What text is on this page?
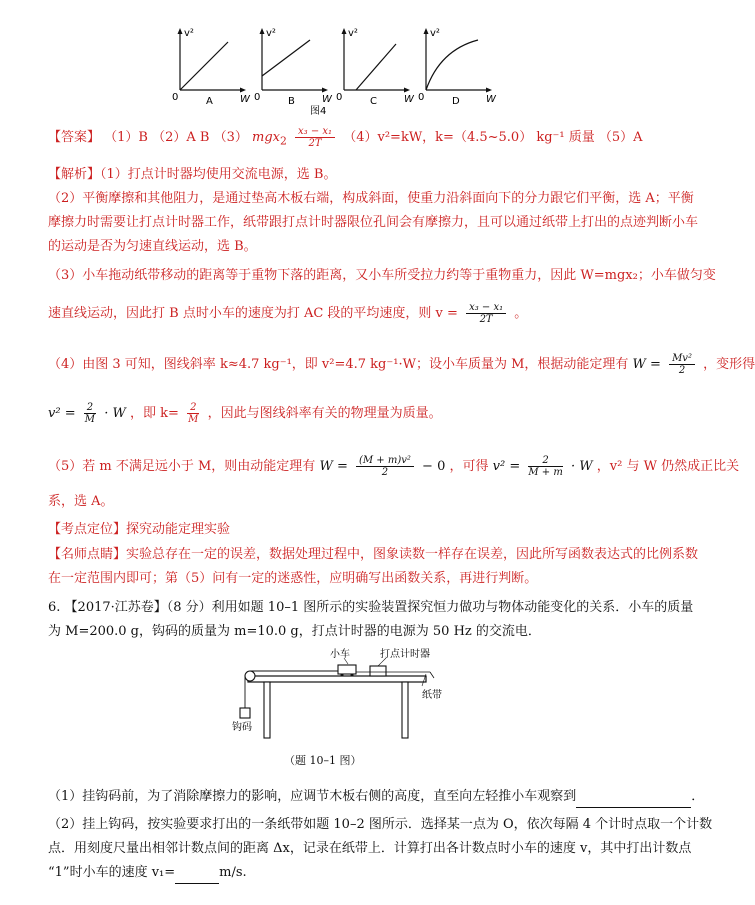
v²
W
0	A
v²
W
0	B
v²
W
0	C
v²
W
0	D
图4
【答案】 （1）B （2）A B （3） $mgx_2 \frac{\text{x₃ − x₁}}{2T} (4)v^2=kW$，k=（4.5~5.0） kg⁻¹ 质量 （5）A
【解析】（1）打点计时器均使用交流电源，选 B。
（2）平衡摩擦和其他阻力，是通过垫高木板右端，构成斜面，使重力沿斜面向下的分力跟它们平衡，选 A；平衡
摩擦力时需要让打点计时器工作，纸带跟打点计时器限位孔间会有摩擦力，且可以通过纸带上打出的点迹判断小车
的运动是否为匀速直线运动，选 B。
（3）小车拖动纸带移动的距离等于重物下落的距离，又小车所受拉力约等于重物重力，因此 W=mgx₂；小车做匀变
速直线运动，因此打 B 点时小车的速度为打 AC 段的平均速度，则 $v = \frac{\text{x₃ − x₁}}{2T}$ 。
（4）由图 3 可知，图线斜率 k≈4.7 kg⁻¹，即 v²=4.7 kg⁻¹·W；设小车质量为 M，根据动能定理有 $W = \frac{\text{Mv²}}{2}$ ，变形得
$v^2 = \frac{2}{M} \cdot W$ ，即 $k= \frac{2}{M}$ ，因此与图线斜率有关的物理量为质量。
（5）若 m 不满足远小于 M，则由动能定理有 $W = \frac{\text{(M + m)v²}}{2} - 0$ ，可得 $v^2 = \frac{2}{M + m} \cdot W$ ，v² 与 W 仍然成正比关
系，选 A。
【考点定位】探究动能定理实验
【名师点睛】实验总存在一定的误差，数据处理过程中，图象读数一样存在误差，因此所写函数表达式的比例系数
在一定范围内即可；第（5）问有一定的迷惑性，应明确写出函数关系，再进行判断。
6. 【2017·江苏卷】（8 分）利用如题 10–1 图所示的实验装置探究恒力做功与物体动能变化的关系．小车的质量
为 M=200.0 g，钩码的质量为 m=10.0 g，打点计时器的电源为 50 Hz 的交流电．
小车	打点计时器
纸带
钩码
（题 10–1 图）
（1）挂钩码前，为了消除摩擦力的影响，应调节木板右侧的高度，直至向左轻推小车观察到	．
（2）挂上钩码，按实验要求打出的一条纸带如题 10–2 图所示．选择某一点为 O，依次每隔 4 个计时点取一个计数
点．用刻度尺量出相邻计数点间的距离 Δx，记录在纸带上．计算打出各计数点时小车的速度 v，其中打出计数点
“1”时小车的速度 v₁=	m/s.
